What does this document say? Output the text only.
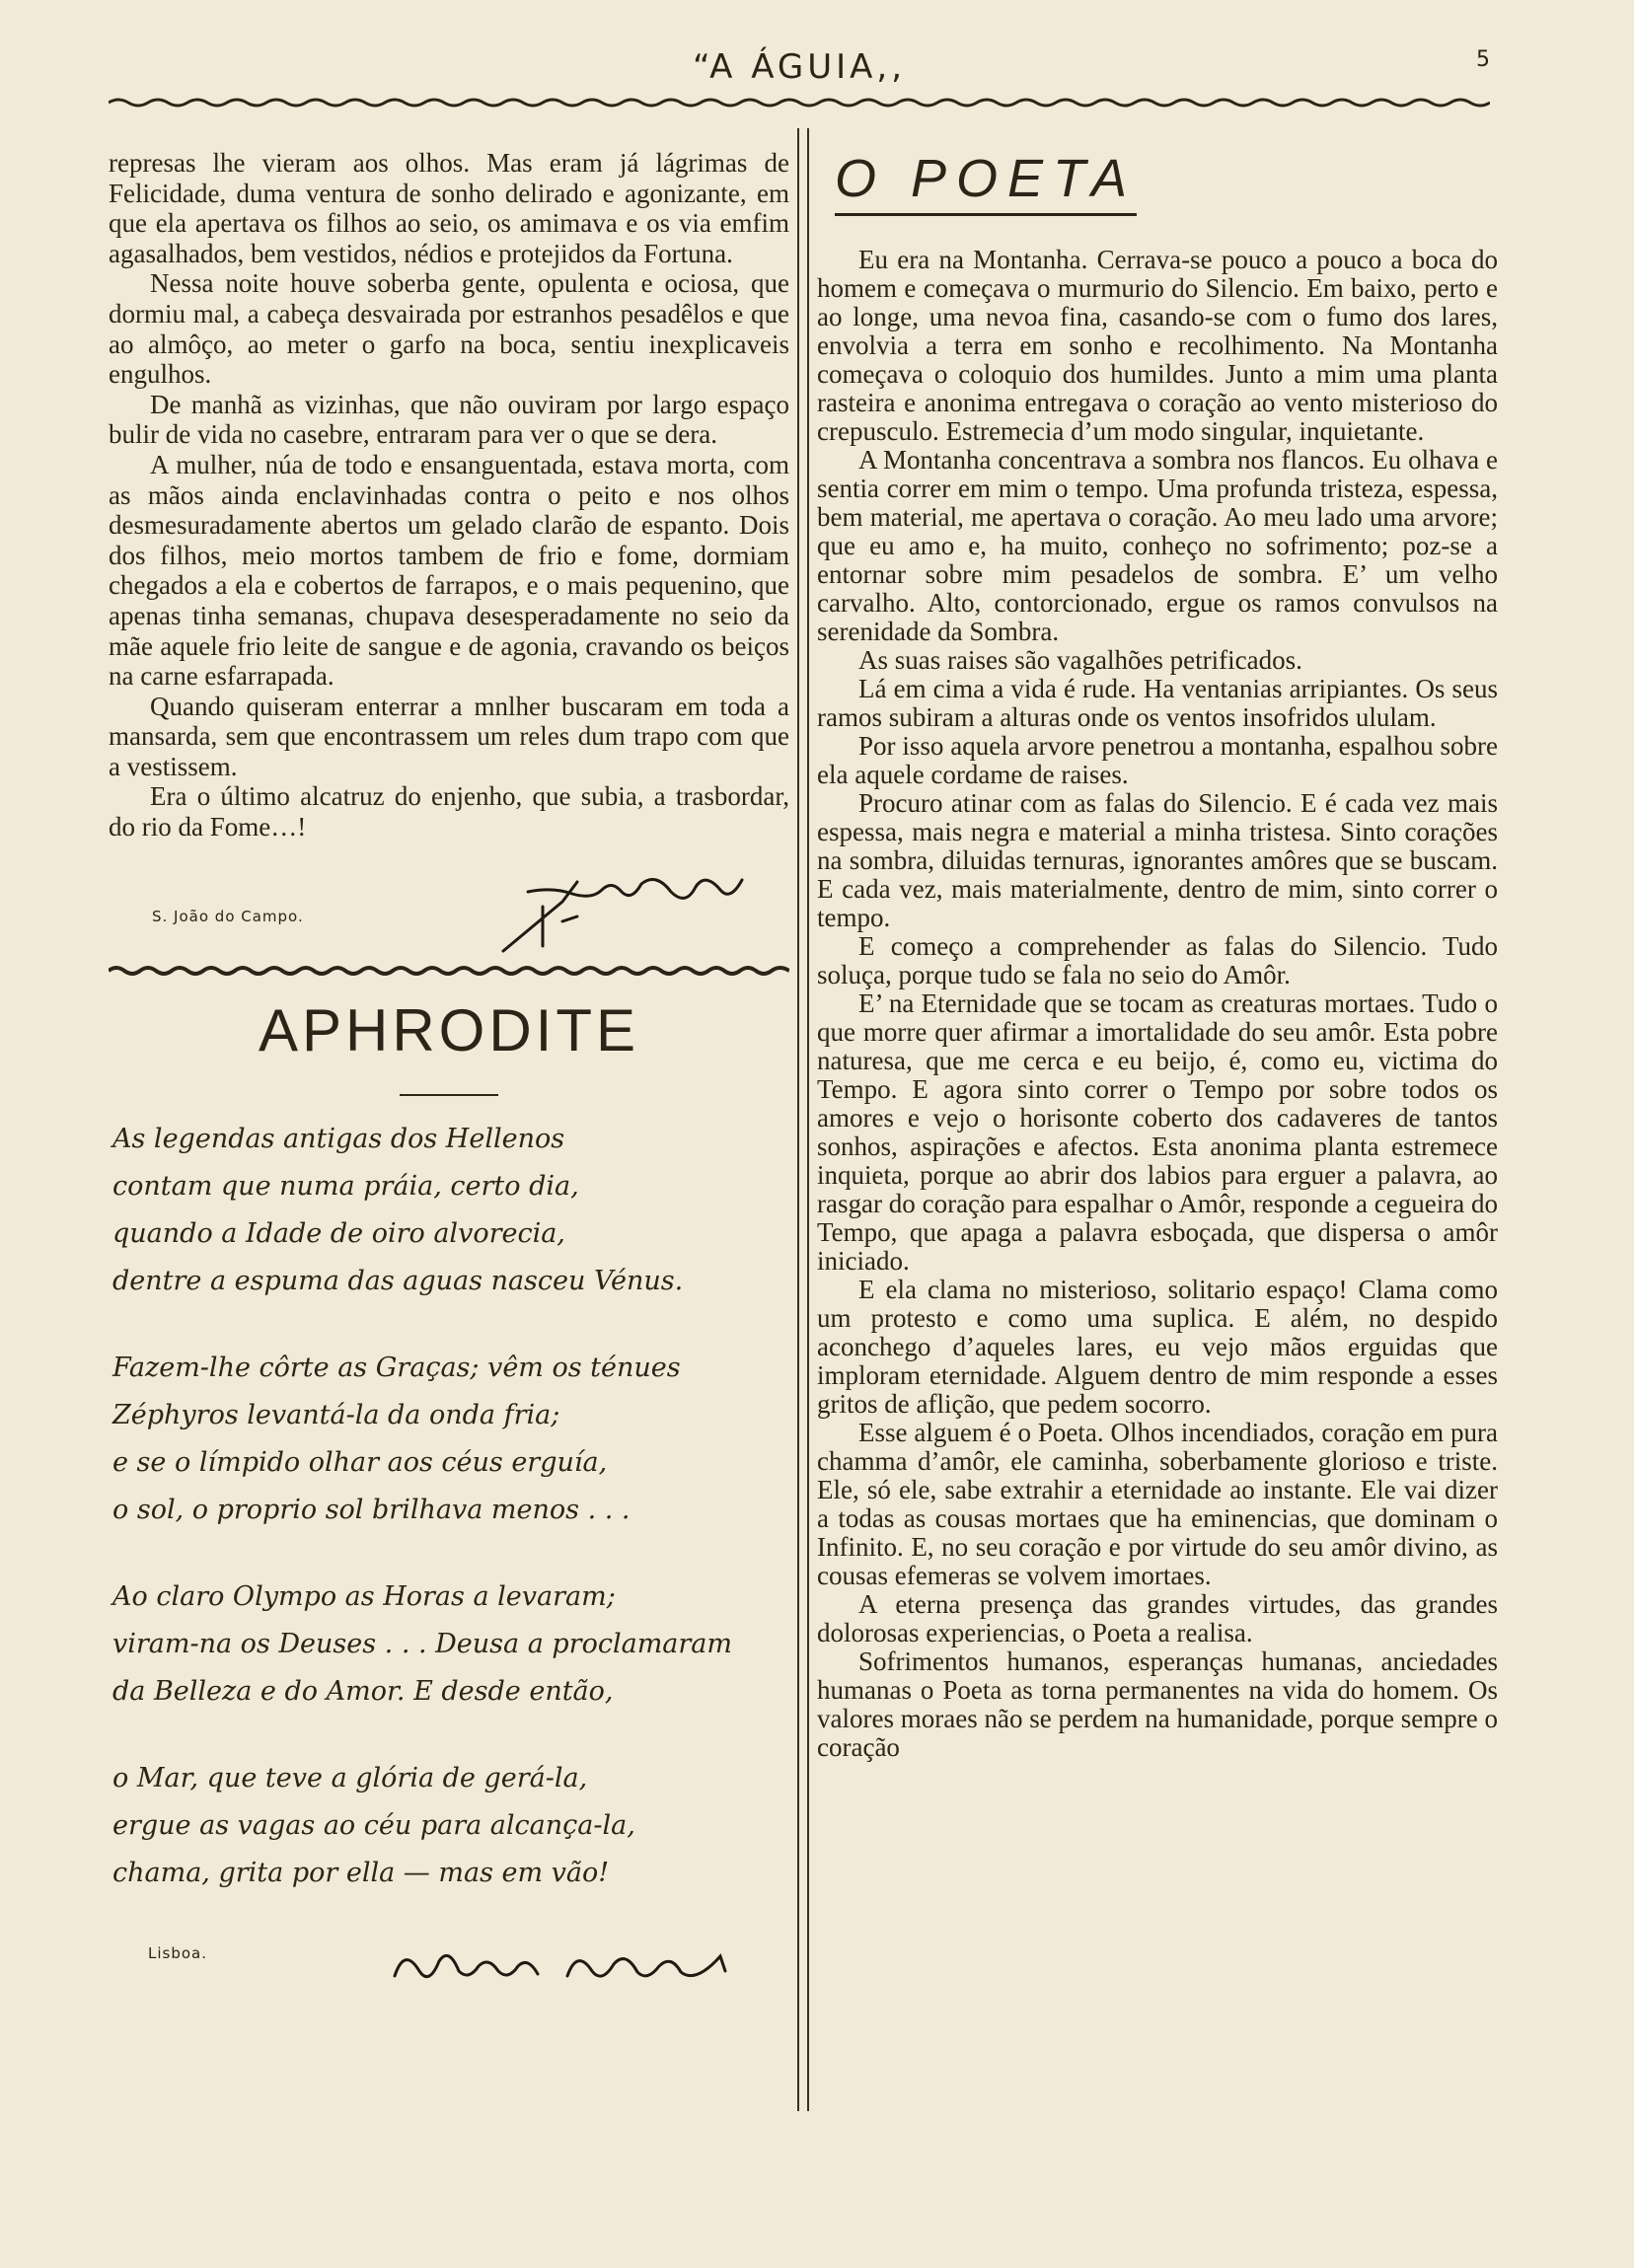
“A ÁGUIA,,	5

represas lhe vieram aos olhos. Mas eram já lágrimas de Felicidade, duma ventura de sonho delirado e agonizante, em que ela apertava os filhos ao seio, os amimava e os via emfim agasalhados, bem vestidos, nédios e protejidos da Fortuna.

Nessa noite houve soberba gente, opulenta e ociosa, que dormiu mal, a cabeça desvairada por estranhos pesadêlos e que ao almôço, ao meter o garfo na boca, sentiu inexplicaveis engulhos.

De manhã as vizinhas, que não ouviram por largo espaço bulir de vida no casebre, entraram para ver o que se dera.

A mulher, núa de todo e ensanguentada, estava morta, com as mãos ainda enclavinhadas contra o peito e nos olhos desmesuradamente abertos um gelado clarão de espanto. Dois dos filhos, meio mortos tambem de frio e fome, dormiam chegados a ela e cobertos de farrapos, e o mais pequenino, que apenas tinha semanas, chupava desesperadamente no seio da mãe aquele frio leite de sangue e de agonia, cravando os beiços na carne esfarrapada.

Quando quiseram enterrar a mnlher buscaram em toda a mansarda, sem que encontrassem um reles dum trapo com que a vestissem.

Era o último alcatruz do enjenho, que subia, a trasbordar, do rio da Fome…!

S. João do Campo.
APHRODITE
As legendas antigas dos Hellenos
contam que numa práia, certo dia,
quando a Idade de oiro alvorecia,
dentre a espuma das aguas nasceu Vénus.
Fazem-lhe côrte as Graças; vêm os ténues
Zéphyros levantá-la da onda fria;
e se o límpido olhar aos céus erguía,
o sol, o proprio sol brilhava menos . . .
Ao claro Olympo as Horas a levaram;
viram-na os Deuses . . . Deusa a proclamaram
da Belleza e do Amor. E desde então,
o Mar, que teve a glória de gerá-la,
ergue as vagas ao céu para alcança-la,
chama, grita por ella — mas em vão!
Lisboa.
O POETA

Eu era na Montanha. Cerrava-se pouco a pouco a boca do homem e começava o murmurio do Silencio. Em baixo, perto e ao longe, uma nevoa fina, casando-se com o fumo dos lares, envolvia a terra em sonho e recolhimento. Na Montanha começava o coloquio dos humildes. Junto a mim uma planta rasteira e anonima entregava o coração ao vento misterioso do crepusculo. Estremecia d’um modo singular, inquietante.

A Montanha concentrava a sombra nos flancos. Eu olhava e sentia correr em mim o tempo. Uma profunda tristeza, espessa, bem material, me apertava o coração. Ao meu lado uma arvore; que eu amo e, ha muito, conheço no sofrimento; poz-se a entornar sobre mim pesadelos de sombra. E’ um velho carvalho. Alto, contorcionado, ergue os ramos convulsos na serenidade da Sombra.

As suas raises são vagalhões petrificados.

Lá em cima a vida é rude. Ha ventanias arripiantes. Os seus ramos subiram a alturas onde os ventos insofridos ululam.

Por isso aquela arvore penetrou a montanha, espalhou sobre ela aquele cordame de raises.

Procuro atinar com as falas do Silencio. E é cada vez mais espessa, mais negra e material a minha tristesa. Sinto corações na sombra, diluidas ternuras, ignorantes amôres que se buscam. E cada vez, mais materialmente, dentro de mim, sinto correr o tempo.

E começo a comprehender as falas do Silencio. Tudo soluça, porque tudo se fala no seio do Amôr.

E’ na Eternidade que se tocam as creaturas mortaes. Tudo o que morre quer afirmar a imortalidade do seu amôr. Esta pobre naturesa, que me cerca e eu beijo, é, como eu, victima do Tempo. E agora sinto correr o Tempo por sobre todos os amores e vejo o horisonte coberto dos cadaveres de tantos sonhos, aspirações e afectos. Esta anonima planta estremece inquieta, porque ao abrir dos labios para erguer a palavra, ao rasgar do coração para espalhar o Amôr, responde a cegueira do Tempo, que apaga a palavra esboçada, que dispersa o amôr iniciado.

E ela clama no misterioso, solitario espaço! Clama como um protesto e como uma suplica. E além, no despido aconchego d’aqueles lares, eu vejo mãos erguidas que imploram eternidade. Alguem dentro de mim responde a esses gritos de aflição, que pedem socorro.

Esse alguem é o Poeta. Olhos incendiados, coração em pura chamma d’amôr, ele caminha, soberbamente glorioso e triste. Ele, só ele, sabe extrahir a eternidade ao instante. Ele vai dizer a todas as cousas mortaes que ha eminencias, que dominam o Infinito. E, no seu coração e por virtude do seu amôr divino, as cousas efemeras se volvem imortaes.

A eterna presença das grandes virtudes, das grandes dolorosas experiencias, o Poeta a realisa.

Sofrimentos humanos, esperanças humanas, anciedades humanas o Poeta as torna permanentes na vida do homem. Os valores moraes não se perdem na humanidade, porque sempre o coração
